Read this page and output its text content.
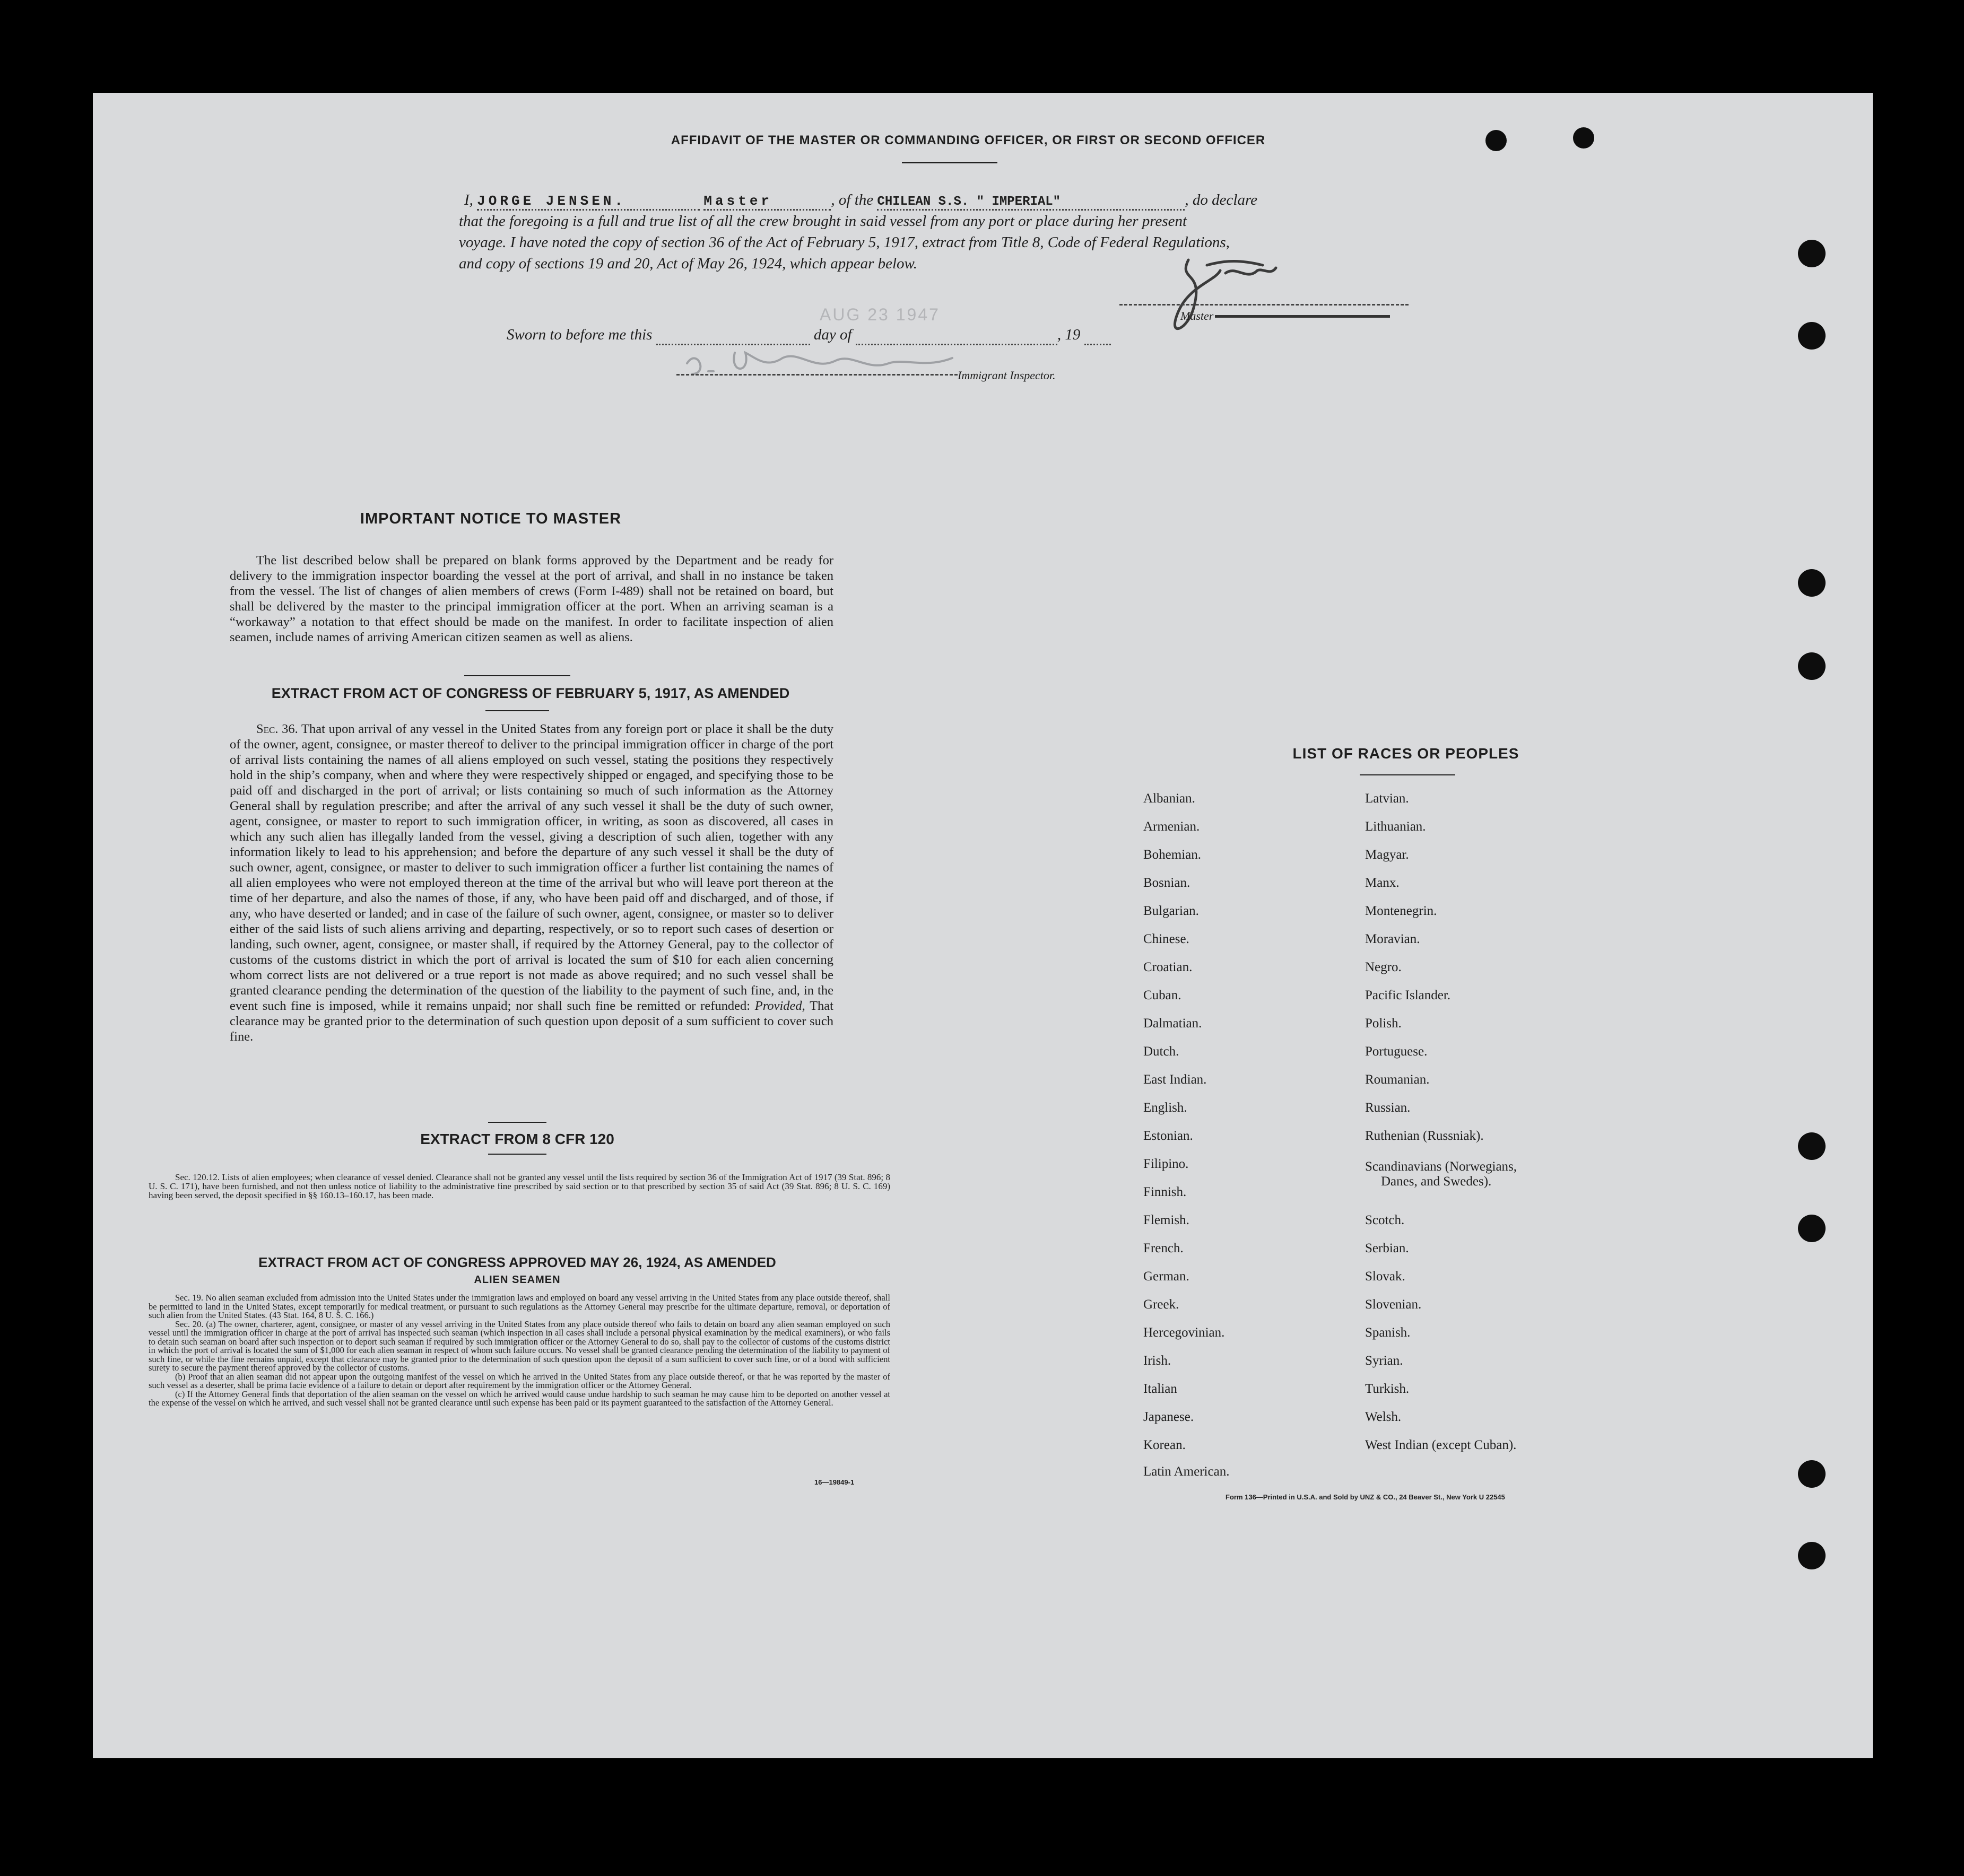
AFFIDAVIT OF THE MASTER OR COMMANDING OFFICER, OR FIRST OR SECOND OFFICER
I, JORGE JENSEN.	Master	, of the CHILEAN S.S. " IMPERIAL"	, do declare
that the foregoing is a full and true list of all the crew brought in said vessel from any port or place during her present
voyage. I have noted the copy of section 36 of the Act of February 5, 1917, extract from Title 8, Code of Federal Regulations,
and copy of sections 19 and 20, Act of May 26, 1924, which appear below.
Master
Sworn to before me this	day of	, 19
AUG 23 1947
Immigrant Inspector.
IMPORTANT NOTICE TO MASTER
The list described below shall be prepared on blank forms approved by the Department and be ready for delivery to the immigration inspector boarding the vessel at the port of arrival, and shall in no instance be taken from the vessel. The list of changes of alien members of crews (Form I-489) shall not be retained on board, but shall be delivered by the master to the principal immigration officer at the port. When an arriving seaman is a “workaway” a notation to that effect should be made on the manifest. In order to facilitate inspection of alien seamen, include names of arriving American citizen seamen as well as aliens.
EXTRACT FROM ACT OF CONGRESS OF FEBRUARY 5, 1917, AS AMENDED
Sec. 36. That upon arrival of any vessel in the United States from any foreign port or place it shall be the duty of the owner, agent, consignee, or master thereof to deliver to the principal immigration officer in charge of the port of arrival lists containing the names of all aliens employed on such vessel, stating the positions they respectively hold in the ship’s company, when and where they were respectively shipped or engaged, and specifying those to be paid off and discharged in the port of arrival; or lists containing so much of such information as the Attorney General shall by regulation prescribe; and after the arrival of any such vessel it shall be the duty of such owner, agent, consignee, or master to report to such immigration officer, in writing, as soon as discovered, all cases in which any such alien has illegally landed from the vessel, giving a description of such alien, together with any information likely to lead to his apprehension; and before the departure of any such vessel it shall be the duty of such owner, agent, consignee, or master to deliver to such immigration officer a further list containing the names of all alien employees who were not employed thereon at the time of the arrival but who will leave port thereon at the time of her departure, and also the names of those, if any, who have been paid off and discharged, and of those, if any, who have deserted or landed; and in case of the failure of such owner, agent, consignee, or master so to deliver either of the said lists of such aliens arriving and departing, respectively, or so to report such cases of desertion or landing, such owner, agent, consignee, or master shall, if required by the Attorney General, pay to the collector of customs of the customs district in which the port of arrival is located the sum of $10 for each alien concerning whom correct lists are not delivered or a true report is not made as above required; and no such vessel shall be granted clearance pending the determination of the question of the liability to the payment of such fine, and, in the event such fine is imposed, while it remains unpaid; nor shall such fine be remitted or refunded: Provided, That clearance may be granted prior to the determination of such question upon deposit of a sum sufficient to cover such fine.
EXTRACT FROM 8 CFR 120
Sec. 120.12. Lists of alien employees; when clearance of vessel denied. Clearance shall not be granted any vessel until the lists required by section 36 of the Immigration Act of 1917 (39 Stat. 896; 8 U. S. C. 171), have been furnished, and not then unless notice of liability to the administrative fine prescribed by said section or to that prescribed by section 35 of said Act (39 Stat. 896; 8 U. S. C. 169) having been served, the deposit specified in §§ 160.13–160.17, has been made.
EXTRACT FROM ACT OF CONGRESS APPROVED MAY 26, 1924, AS AMENDED
ALIEN SEAMEN
Sec. 19. No alien seaman excluded from admission into the United States under the immigration laws and employed on board any vessel arriving in the United States from any place outside thereof, shall be permitted to land in the United States, except temporarily for medical treatment, or pursuant to such regulations as the Attorney General may prescribe for the ultimate departure, removal, or deportation of such alien from the United States. (43 Stat. 164, 8 U. S. C. 166.)
Sec. 20. (a) The owner, charterer, agent, consignee, or master of any vessel arriving in the United States from any place outside thereof who fails to detain on board any alien seaman employed on such vessel until the immigration officer in charge at the port of arrival has inspected such seaman (which inspection in all cases shall include a personal physical examination by the medical examiners), or who fails to detain such seaman on board after such inspection or to deport such seaman if required by such immigration officer or the Attorney General to do so, shall pay to the collector of customs of the customs district in which the port of arrival is located the sum of $1,000 for each alien seaman in respect of whom such failure occurs. No vessel shall be granted clearance pending the determination of the liability to payment of such fine, or while the fine remains unpaid, except that clearance may be granted prior to the determination of such question upon the deposit of a sum sufficient to cover such fine, or of a bond with sufficient surety to secure the payment thereof approved by the collector of customs.
(b) Proof that an alien seaman did not appear upon the outgoing manifest of the vessel on which he arrived in the United States from any place outside thereof, or that he was reported by the master of such vessel as a deserter, shall be prima facie evidence of a failure to detain or deport after requirement by the immigration officer or the Attorney General.
(c) If the Attorney General finds that deportation of the alien seaman on the vessel on which he arrived would cause undue hardship to such seaman he may cause him to be deported on another vessel at the expense of the vessel on which he arrived, and such vessel shall not be granted clearance until such expense has been paid or its payment guaranteed to the satisfaction of the Attorney General.
16—19849-1
LIST OF RACES OR PEOPLES
Albanian.
Armenian.
Bohemian.
Bosnian.
Bulgarian.
Chinese.
Croatian.
Cuban.
Dalmatian.
Dutch.
East Indian.
English.
Estonian.
Filipino.
Finnish.
Flemish.
French.
German.
Greek.
Hercegovinian.
Irish.
Italian
Japanese.
Korean.
Latin American.
Latvian.
Lithuanian.
Magyar.
Manx.
Montenegrin.
Moravian.
Negro.
Pacific Islander.
Polish.
Portuguese.
Roumanian.
Russian.
Ruthenian (Russniak).
Scandinavians (Norwegians,
Danes, and Swedes).
Scotch.
Serbian.
Slovak.
Slovenian.
Spanish.
Syrian.
Turkish.
Welsh.
West Indian (except Cuban).
Form 136—Printed in U.S.A. and Sold by UNZ & CO., 24 Beaver St., New York U 22545
